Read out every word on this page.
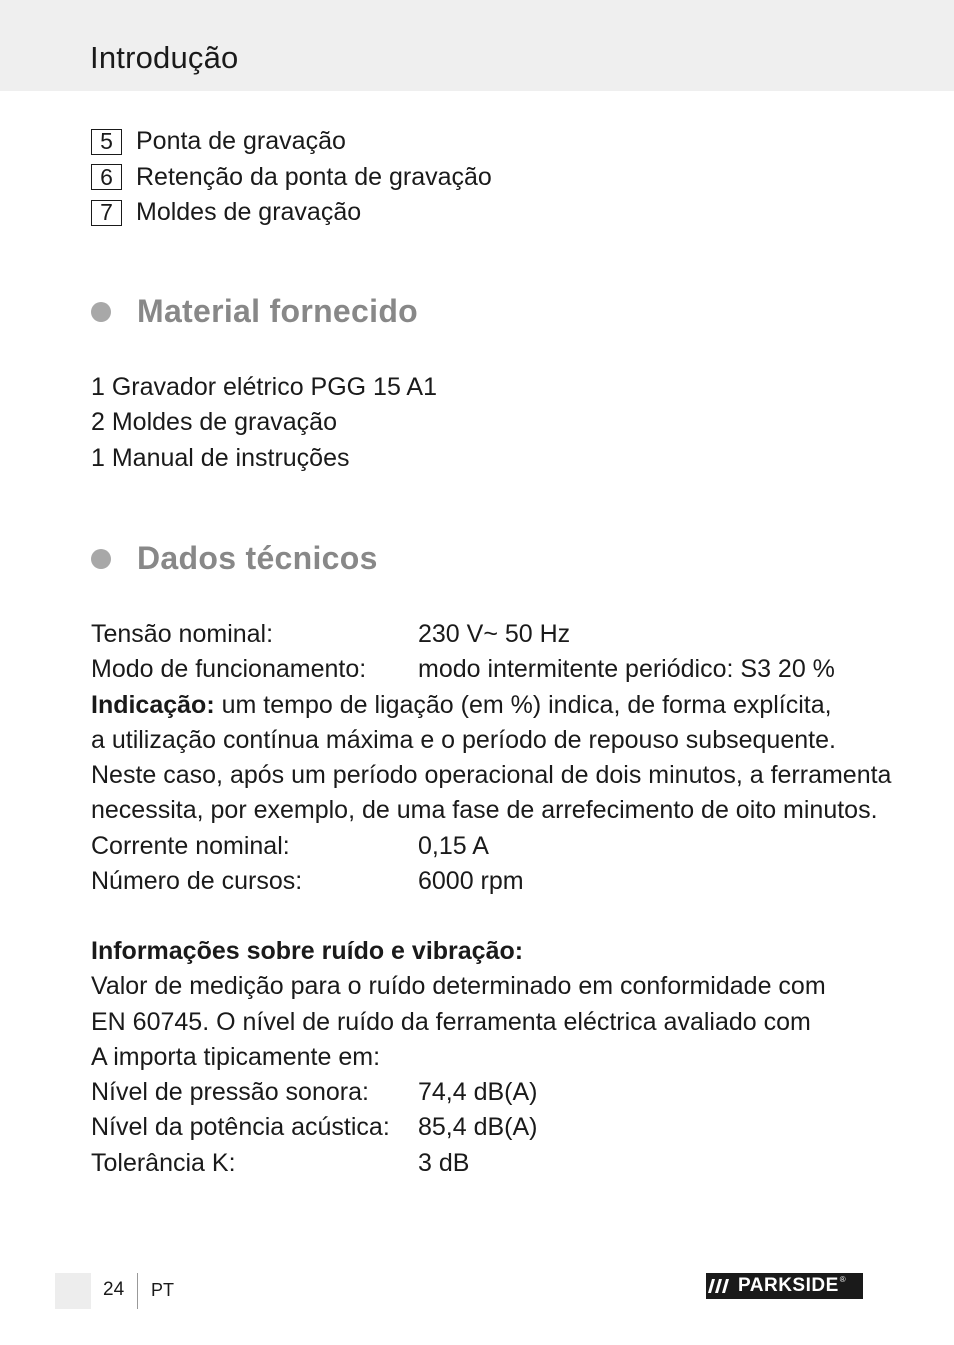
Introdução
5 Ponta de gravação
6 Retenção da ponta de gravação
7 Moldes de gravação
Material fornecido
1 Gravador elétrico PGG 15 A1
2 Moldes de gravação
1 Manual de instruções
Dados técnicos
Tensão nominal:	230 V~ 50 Hz
Modo de funcionamento:	modo intermitente periódico: S3 20 %
Indicação: um tempo de ligação (em %) indica, de forma explícita,
a utilização contínua máxima e o período de repouso subsequente.
Neste caso, após um período operacional de dois minutos, a ferramenta
necessita, por exemplo, de uma fase de arrefecimento de oito minutos.
Corrente nominal:	0,15 A
Número de cursos:	6000 rpm
Informações sobre ruído e vibração:
Valor de medição para o ruído determinado em conformidade com
EN 60745. O nível de ruído da ferramenta eléctrica avaliado com
A importa tipicamente em:
Nível de pressão sonora:	74,4 dB(A)
Nível da potência acústica:	85,4 dB(A)
Tolerância K:	3 dB
24 PT	PARKSIDE ®
